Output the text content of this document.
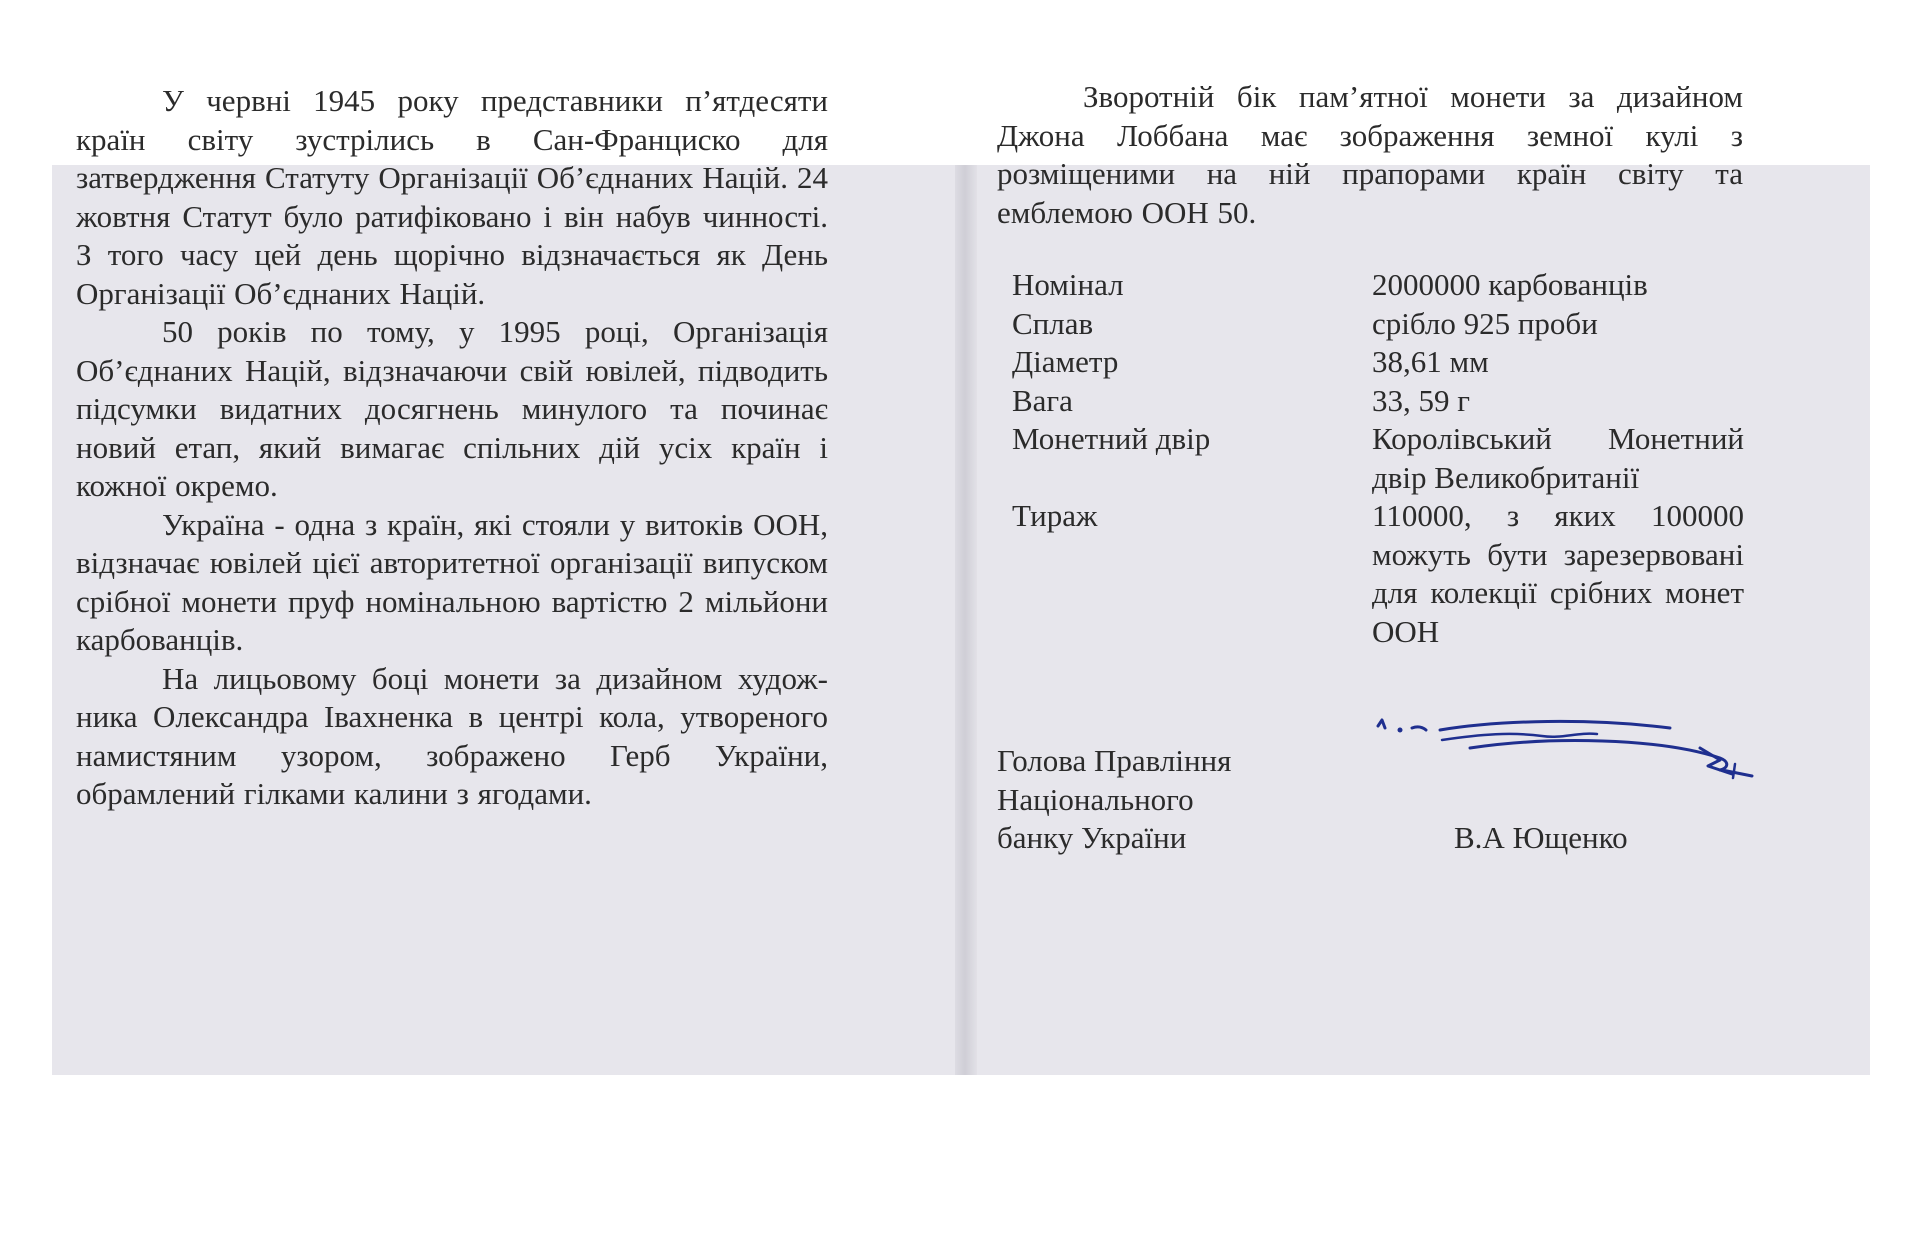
У червні 1945 року представники п’ятдесяти країн світу зустрілись в Сан-Франциско для затвердження Статуту Організації Об’єднаних Націй. 24 жовтня Статут було ратифіковано і він набув чинності. З того часу цей день щорічно відзначається як День Організації Об’єднаних Націй.

50 років по тому, у 1995 році, Організація Об’єднаних Націй, відзначаючи свій ювілей, підводить підсумки видатних досягнень минулого та починає новий етап, який вимагає спільних дій усіх країн і кожної окремо.

Україна - одна з країн, які стояли у витоків ООН, відзначає ювілей цієї авторитетної організації випуском срібної монети пруф номінальною вартістю 2 мільйони карбованців.

На лицьовому боці монети за дизайном худож-ника Олександра Івахненка в центрі кола, утвореного намистяним узором, зображено Герб України, обрамлений гілками калини з ягодами.

Зворотній бік пам’ятної монети за дизайном Джона Лоббана має зображення земної кулі з розміщеними на ній прапорами країн світу та емблемою ООН 50.

Номінал	2000000 карбованців
Сплав	срібло 925 проби
Діаметр	38,61 мм
Вага	33, 59 г
Монетний двір	Королівський Монетний двір Великобританії
Тираж	110000, з яких 100000 можуть бути зарезервовані для колекції срібних монет ООН
Голова Правління
Національного
банку України	В.А Ющенко
